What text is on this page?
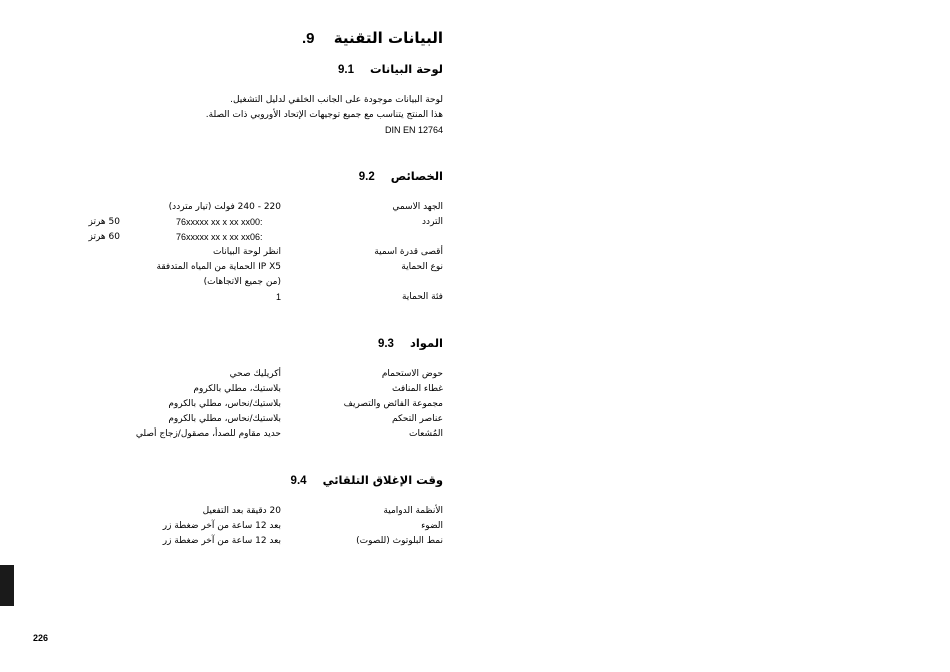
البيانات التقنية 9.
لوحة البيانات 9.1
لوحة البيانات موجودة على الجانب الخلفي لدليل التشغيل.
هذا المنتج يتناسب مع جميع توجيهات الإتحاد الأوروبي ذات الصلة.
DIN EN 12764
الخصائص 9.2
الجهد الاسمي
220 - 240 فولت (تيار متردد)
التردد
76xxxxx xx x xx xx00:
50 هرتز
76xxxxx xx x xx xx06:
60 هرتز
أقصى قدرة اسمية
انظر لوحة البيانات
نوع الحماية
IP X5 الحماية من المياه المتدفقة
(من جميع الاتجاهات)
فئة الحماية
1
المواد 9.3
حوض الاستحمام
أكريليك صحي
غطاء المنافث
بلاستيك، مطلي بالكروم
مجموعة الفائض والتصريف
بلاستيك/نحاس، مطلي بالكروم
عناصر التحكم
بلاستيك/نحاس، مطلي بالكروم
المُشعات
حديد مقاوم للصدأ، مصقول/زجاج أصلي
وقت الإغلاق التلقائي 9.4
الأنظمة الدوامية
20 دقيقة بعد التفعيل
الضوء
بعد 12 ساعة من آخر ضغطة زر
نمط البلوتوث (للصوت)
بعد 12 ساعة من آخر ضغطة زر
226
